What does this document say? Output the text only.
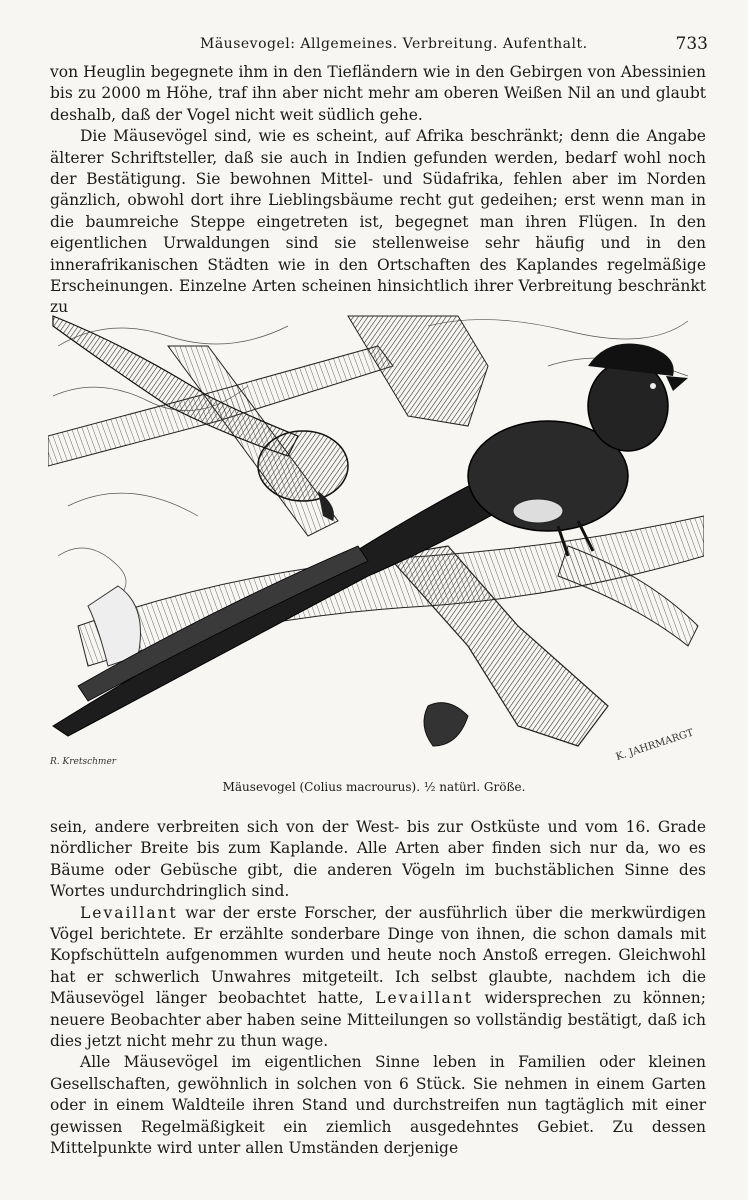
Mäusevogel: Allgemeines. Verbreitung. Aufenthalt.	733

von Heuglin begegnete ihm in den Tiefländern wie in den Gebirgen von Abessinien bis zu 2000 m Höhe, traf ihn aber nicht mehr am oberen Weißen Nil an und glaubt deshalb, daß der Vogel nicht weit südlich gehe.

Die Mäusevögel sind, wie es scheint, auf Afrika beschränkt; denn die Angabe älterer Schriftsteller, daß sie auch in Indien gefunden werden, bedarf wohl noch der Bestätigung. Sie bewohnen Mittel- und Südafrika, fehlen aber im Norden gänzlich, obwohl dort ihre Lieblingsbäume recht gut gedeihen; erst wenn man in die baumreiche Steppe eingetreten ist, begegnet man ihren Flügen. In den eigentlichen Urwaldungen sind sie stellenweise sehr häufig und in den innerafrikanischen Städten wie in den Ortschaften des Kaplandes regelmäßige Erscheinungen. Einzelne Arten scheinen hinsichtlich ihrer Verbreitung beschränkt zu

R. Kretschmer	K. JAHRMARGT
Mäusevogel (Colius macrourus). ½ natürl. Größe.

sein, andere verbreiten sich von der West- bis zur Ostküste und vom 16. Grade nördlicher Breite bis zum Kaplande. Alle Arten aber finden sich nur da, wo es Bäume oder Gebüsche gibt, die anderen Vögeln im buchstäblichen Sinne des Wortes undurchdringlich sind.

Levaillant war der erste Forscher, der ausführlich über die merkwürdigen Vögel berichtete. Er erzählte sonderbare Dinge von ihnen, die schon damals mit Kopfschütteln aufgenommen wurden und heute noch Anstoß erregen. Gleichwohl hat er schwerlich Unwahres mitgeteilt. Ich selbst glaubte, nachdem ich die Mäusevögel länger beobachtet hatte, Levaillant widersprechen zu können; neuere Beobachter aber haben seine Mitteilungen so vollständig bestätigt, daß ich dies jetzt nicht mehr zu thun wage.

Alle Mäusevögel im eigentlichen Sinne leben in Familien oder kleinen Gesellschaften, gewöhnlich in solchen von 6 Stück. Sie nehmen in einem Garten oder in einem Waldteile ihren Stand und durchstreifen nun tagtäglich mit einer gewissen Regelmäßigkeit ein ziemlich ausgedehntes Gebiet. Zu dessen Mittelpunkte wird unter allen Umständen derjenige
